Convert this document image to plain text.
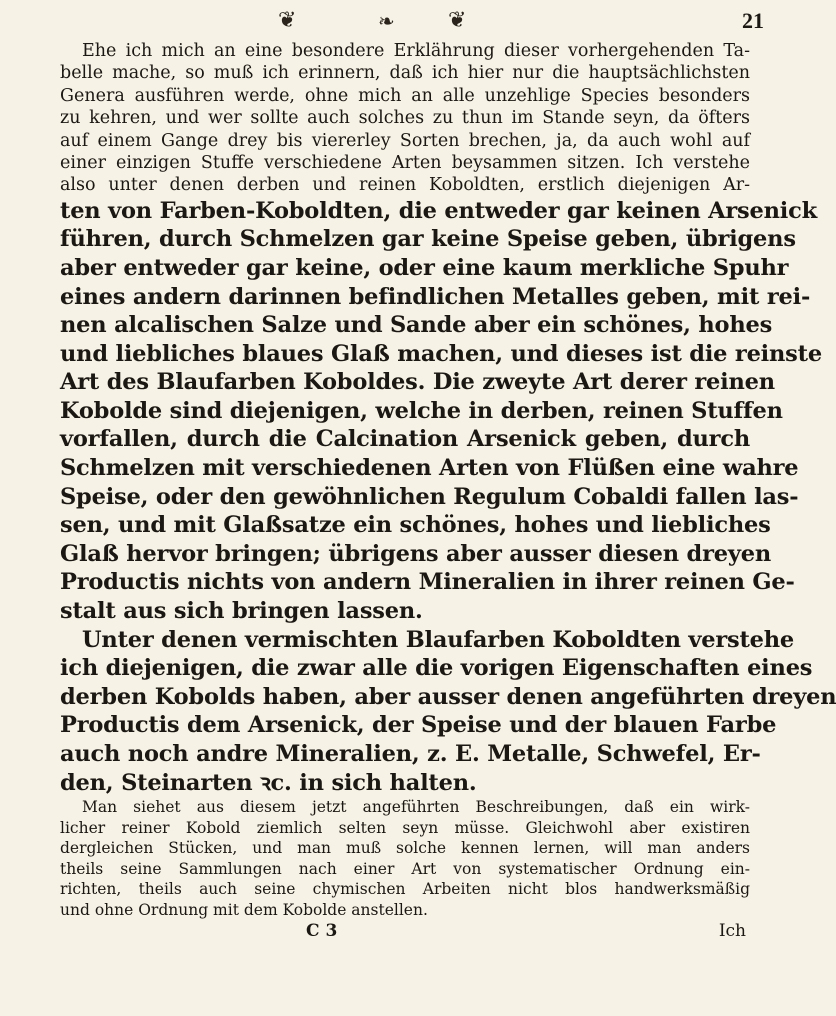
❦	❧ ❦	21
Ehe ich mich an eine besondere Erklährung dieser vorhergehenden Ta-
belle mache, so muß ich erinnern, daß ich hier nur die hauptsächlichsten
Genera ausführen werde, ohne mich an alle unzehlige Species besonders
zu kehren, und wer sollte auch solches zu thun im Stande seyn, da öfters
auf einem Gange drey bis viererley Sorten brechen, ja, da auch wohl auf
einer einzigen Stuffe verschiedene Arten beysammen sitzen. Ich verstehe
also unter denen derben und reinen Koboldten, erstlich diejenigen Ar-
ten von Farben-Koboldten, die entweder gar keinen Arsenick
führen, durch Schmelzen gar keine Speise geben, übrigens
aber entweder gar keine, oder eine kaum merkliche Spuhr
eines andern darinnen befindlichen Metalles geben, mit rei-
nen alcalischen Salze und Sande aber ein schönes, hohes
und liebliches blaues Glaß machen, und dieses ist die reinste
Art des Blaufarben Koboldes. Die zweyte Art derer reinen
Koboldе sind diejenigen, welche in derben, reinen Stuffen
vorfallen, durch die Calcination Arsenick geben, durch
Schmelzen mit verschiedenen Arten von Flüßen eine wahre
Speise, oder den gewöhnlichen Regulum Cobaldi fallen las-
sen, und mit Glaßsatze ein schönes, hohes und liebliches
Glaß hervor bringen; übrigens aber ausser diesen dreyen
Productis nichts von andern Mineralien in ihrer reinen Ge-
stalt aus sich bringen lassen.
Unter denen vermischten Blaufarben Koboldten verstehe
ich diejenigen, die zwar alle die vorigen Eigenschaften eines
derben Kobolds haben, aber ausser denen angeführten dreyen
Productis dem Arsenick, der Speise und der blauen Farbe
auch noch andre Mineralien, z. E. Metalle, Schwefel, Er-
den, Steinarten ꝛc. in sich halten.
Man siehet aus diesem jetzt angeführten Beschreibungen, daß ein wirk-
licher reiner Kobold ziemlich selten seyn müsse. Gleichwohl aber existiren
dergleichen Stücken, und man muß solche kennen lernen, will man anders
theils seine Sammlungen nach einer Art von systematischer Ordnung ein-
richten, theils auch seine chymischen Arbeiten nicht blos handwerksmäßig
und ohne Ordnung mit dem Kobolde anstellen.
C 3	Ich
